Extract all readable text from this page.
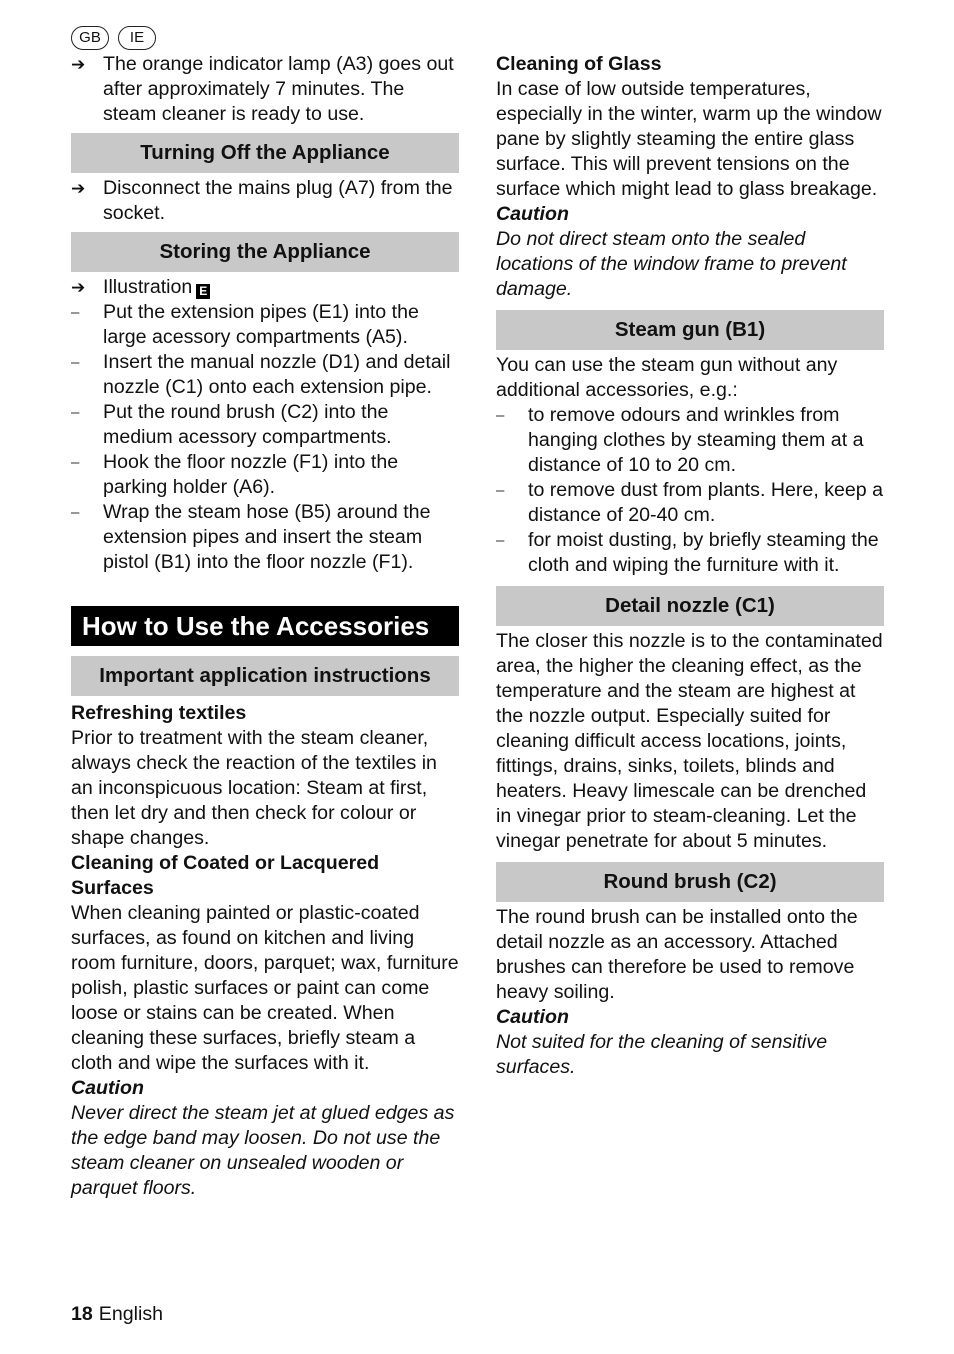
GB	IE

➔ The orange indicator lamp (A3) goes out after approximately 7 minutes. The steam cleaner is ready to use.

Turning Off the Appliance

➔ Disconnect the mains plug (A7) from the socket.

Storing the Appliance

➔ Illustration E

–	Put the extension pipes (E1) into the large acessory compartments (A5).

–	Insert the manual nozzle (D1) and detail nozzle (C1) onto each extension pipe.

–	Put the round brush (C2) into the medium acessory compartments.

–	Hook the floor nozzle (F1) into the parking holder (A6).

–	Wrap the steam hose (B5) around the extension pipes and insert the steam pistol (B1) into the floor nozzle (F1).

How to Use the Accessories
Important application instructions

Refreshing textiles

Prior to treatment with the steam cleaner, always check the reaction of the textiles in an inconspicuous location: Steam at first, then let dry and then check for colour or shape changes.

Cleaning of Coated or Lacquered Surfaces

When cleaning painted or plastic-coated surfaces, as found on kitchen and living room furniture, doors, parquet; wax, furniture polish, plastic surfaces or paint can come loose or stains can be created. When cleaning these surfaces, briefly steam a cloth and wipe the surfaces with it.

Caution

Never direct the steam jet at glued edges as the edge band may loosen. Do not use the steam cleaner on unsealed wooden or parquet floors.

Cleaning of Glass

In case of low outside temperatures, especially in the winter, warm up the window pane by slightly steaming the entire glass surface. This will prevent tensions on the surface which might lead to glass breakage.

Caution

Do not direct steam onto the sealed locations of the window frame to prevent damage.

Steam gun (B1)

You can use the steam gun without any additional accessories, e.g.:

–	to remove odours and wrinkles from hanging clothes by steaming them at a distance of 10 to 20 cm.

–	to remove dust from plants. Here, keep a distance of 20-40 cm.

–	for moist dusting, by briefly steaming the cloth and wiping the furniture with it.

Detail nozzle (C1)

The closer this nozzle is to the contaminated area, the higher the cleaning effect, as the temperature and the steam are highest at the nozzle output. Especially suited for cleaning difficult access locations, joints, fittings, drains, sinks, toilets, blinds and heaters. Heavy limescale can be drenched in vinegar prior to steam-cleaning. Let the vinegar penetrate for about 5 minutes.

Round brush (C2)

The round brush can be installed onto the detail nozzle as an accessory. Attached brushes can therefore be used to remove heavy soiling.

Caution

Not suited for the cleaning of sensitive surfaces.

18 English
